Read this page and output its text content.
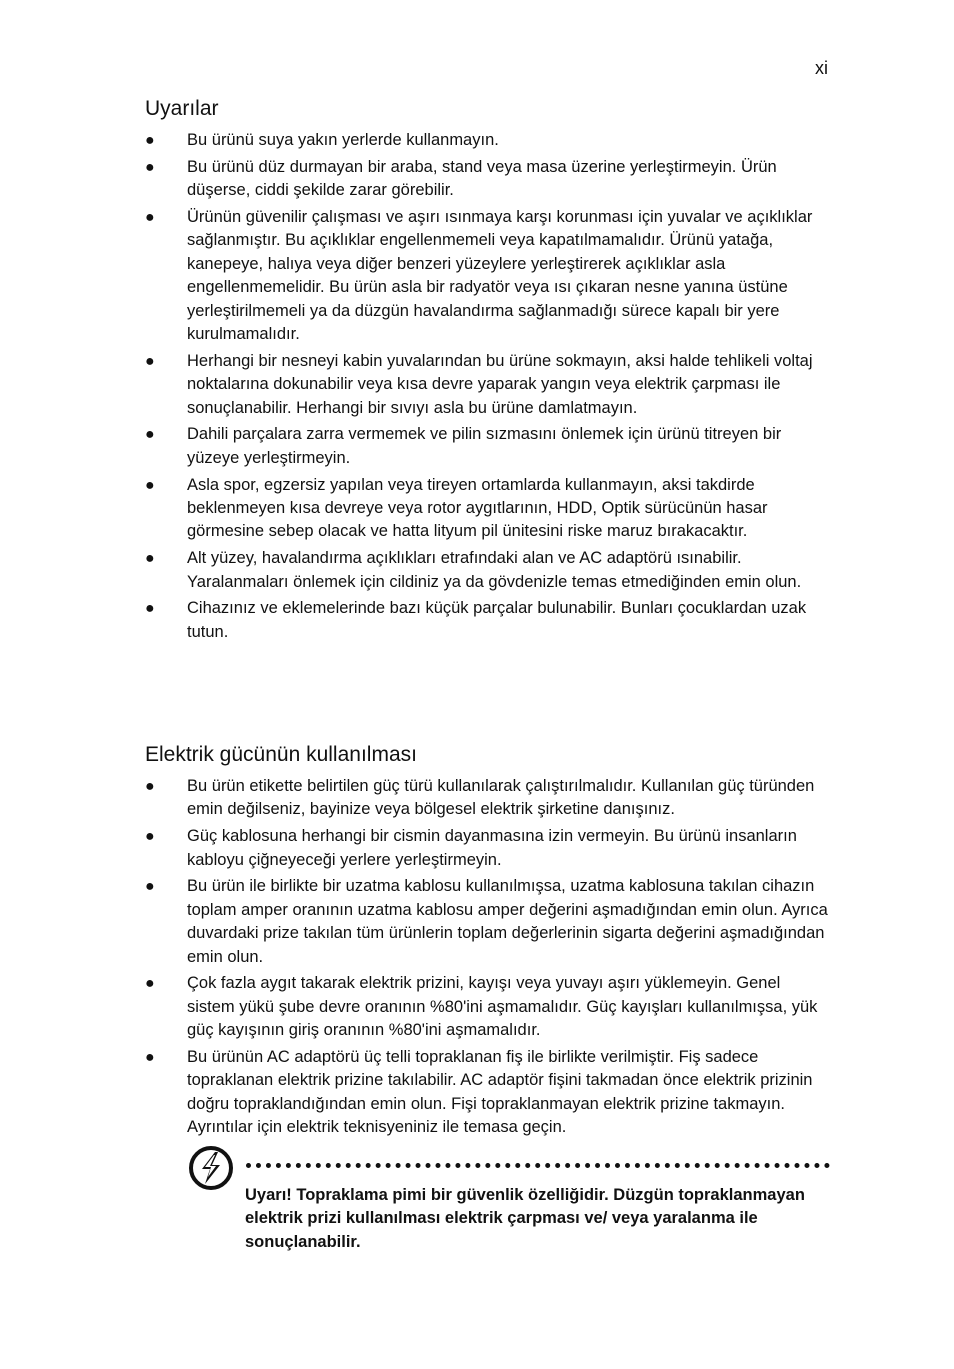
xi
Uyarılar
● Bu ürünü suya yakın yerlerde kullanmayın.
● Bu ürünü düz durmayan bir araba, stand veya masa üzerine yerleştirmeyin. Ürün düşerse, ciddi şekilde zarar görebilir.
● Ürünün güvenilir çalışması ve aşırı ısınmaya karşı korunması için yuvalar ve açıklıklar sağlanmıştır. Bu açıklıklar engellenmemeli veya kapatılmamalıdır. Ürünü yatağa, kanepeye, halıya veya diğer benzeri yüzeylere yerleştirerek açıklıklar asla engellenmemelidir. Bu ürün asla bir radyatör veya ısı çıkaran nesne yanına üstüne yerleştirilmemeli ya da düzgün havalandırma sağlanmadığı sürece kapalı bir yere kurulmamalıdır.
● Herhangi bir nesneyi kabin yuvalarından bu ürüne sokmayın, aksi halde tehlikeli voltaj noktalarına dokunabilir veya kısa devre yaparak yangın veya elektrik çarpması ile sonuçlanabilir. Herhangi bir sıvıyı asla bu ürüne damlatmayın.
● Dahili parçalara zarra vermemek ve pilin sızmasını önlemek için ürünü titreyen bir yüzeye yerleştirmeyin.
● Asla spor, egzersiz yapılan veya tireyen ortamlarda kullanmayın, aksi takdirde beklenmeyen kısa devreye veya rotor aygıtlarının, HDD, Optik sürücünün hasar görmesine sebep olacak ve hatta lityum pil ünitesini riske maruz bırakacaktır.
● Alt yüzey, havalandırma açıklıkları etrafındaki alan ve AC adaptörü ısınabilir. Yaralanmaları önlemek için cildiniz ya da gövdenizle temas etmediğinden emin olun.
● Cihazınız ve eklemelerinde bazı küçük parçalar bulunabilir. Bunları çocuklardan uzak tutun.
Elektrik gücünün kullanılması
● Bu ürün etikette belirtilen güç türü kullanılarak çalıştırılmalıdır. Kullanılan güç türünden emin değilseniz, bayinize veya bölgesel elektrik şirketine danışınız.
● Güç kablosuna herhangi bir cismin dayanmasına izin vermeyin. Bu ürünü insanların kabloyu çiğneyeceği yerlere yerleştirmeyin.
● Bu ürün ile birlikte bir uzatma kablosu kullanılmışsa, uzatma kablosuna takılan cihazın toplam amper oranının uzatma kablosu amper değerini aşmadığından emin olun. Ayrıca duvardaki prize takılan tüm ürünlerin toplam değerlerinin sigarta değerini aşmadığından emin olun.
● Çok fazla aygıt takarak elektrik prizini, kayışı veya yuvayı aşırı yüklemeyin. Genel sistem yükü şube devre oranının %80'ini aşmamalıdır. Güç kayışları kullanılmışsa, yük güç kayışının giriş oranının %80'ini aşmamalıdır.
● Bu ürünün AC adaptörü üç telli topraklanan fiş ile birlikte verilmiştir. Fiş sadece topraklanan elektrik prizine takılabilir. AC adaptör fişini takmadan önce elektrik prizinin doğru topraklandığından emin olun. Fişi topraklanmayan elektrik prizine takmayın. Ayrıntılar için elektrik teknisyeniniz ile temasa geçin.
Uyarı! Topraklama pimi bir güvenlik özelliğidir. Düzgün topraklanmayan elektrik prizi kullanılması elektrik çarpması ve/ veya yaralanma ile sonuçlanabilir.
